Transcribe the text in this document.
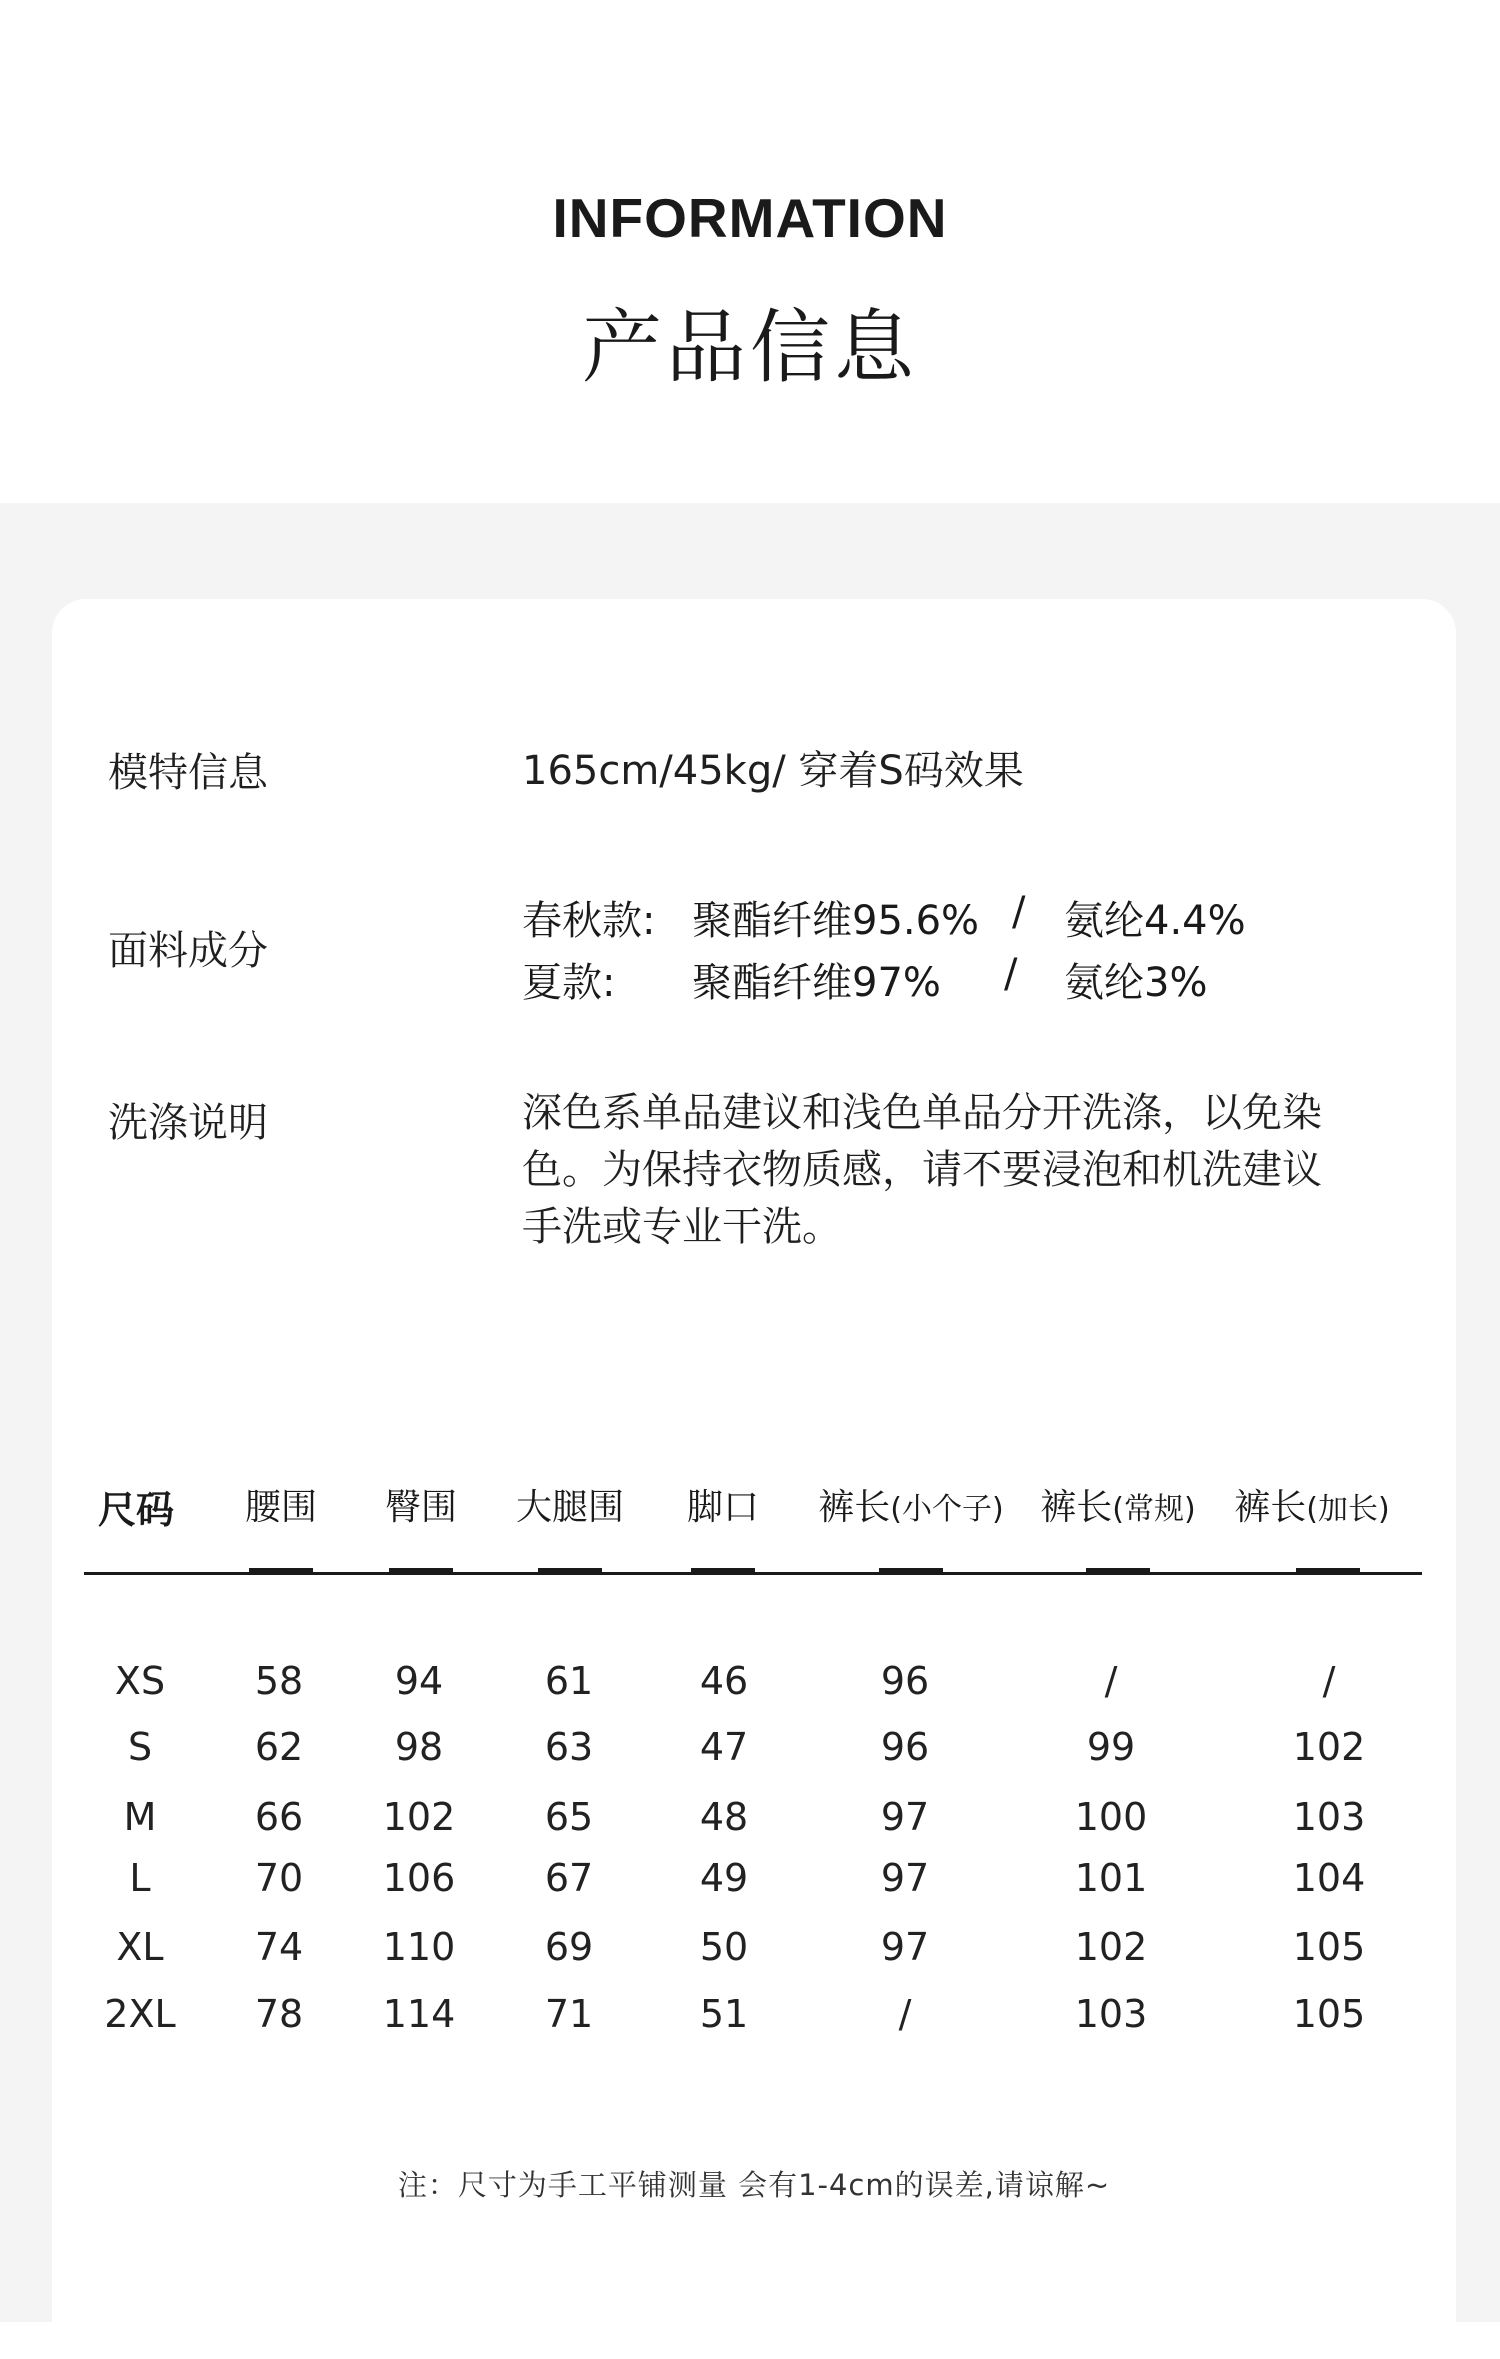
INFORMATION
产品信息
模特信息	165cm/45kg/ 穿着S码效果
面料成分
春秋款: 聚酯纤维95.6% / 氨纶4.4%
夏款: 聚酯纤维97% / 氨纶3%
洗涤说明	深色系单品建议和浅色单品分开洗涤，以免染色。为保持衣物质感，请不要浸泡和机洗建议手洗或专业干洗。
尺码 腰围 臀围 大腿围 脚口 裤长(小个子) 裤长(常规) 裤长(加长)
XS 58 94	61	46	96	/	/
S	62 98	63	47	96	99	102
M	66 102 65	48	97	100	103
L	70 106 67	49	97	101	104
XL 74 110 69	50	97	102	105
2XL 78 114 71	51	/	103	105
注：尺寸为手工平铺测量 会有1-4cm的误差,请谅解~
